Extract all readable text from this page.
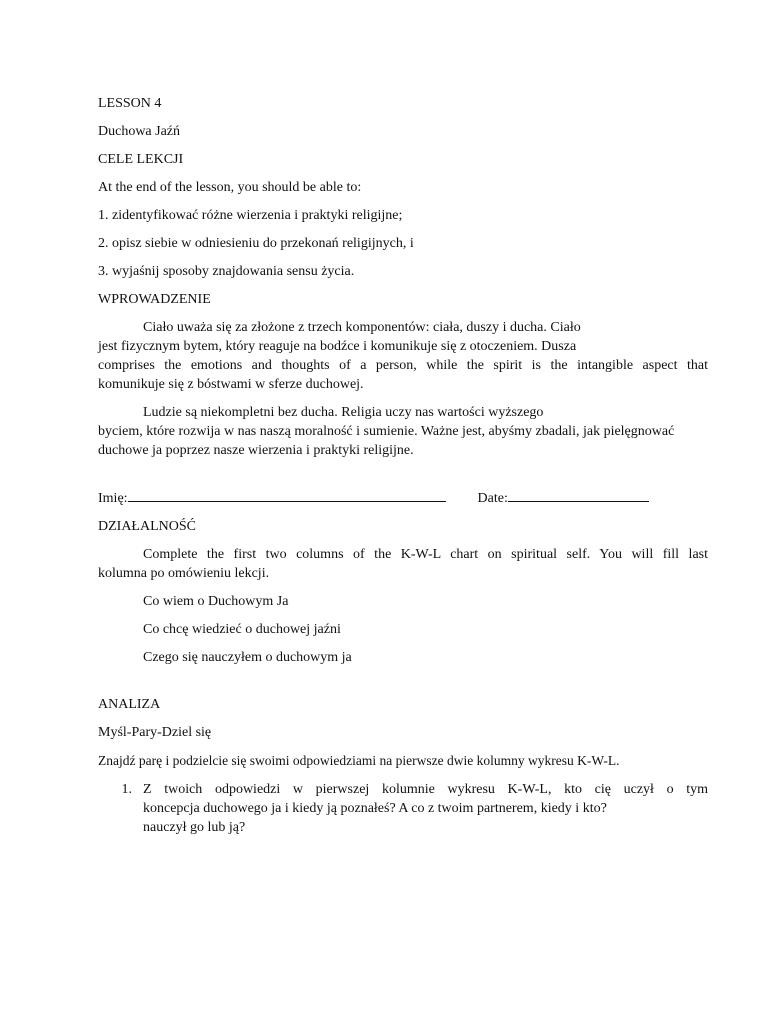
LESSON 4

Duchowa Jaźń

CELE LEKCJI

At the end of the lesson, you should be able to:

1. zidentyfikować różne wierzenia i praktyki religijne;

2. opisz siebie w odniesieniu do przekonań religijnych, i

3. wyjaśnij sposoby znajdowania sensu życia.

WPROWADZENIE

Ciało uważa się za złożone z trzech komponentów: ciała, duszy i ducha. Ciało
jest fizycznym bytem, który reaguje na bodźce i komunikuje się z otoczeniem. Dusza

comprises the emotions and thoughts of a person, while the spirit is the intangible aspect that
komunikuje się z bóstwami w sferze duchowej.

Ludzie są niekompletni bez ducha. Religia uczy nas wartości wyższego
byciem, które rozwija w nas naszą moralność i sumienie. Ważne jest, abyśmy zbadali, jak pielęgnować
duchowe ja poprzez nasze wierzenia i praktyki religijne.

Imię:	Date:

DZIAŁALNOŚĆ

Complete the first two columns of the K-W-L chart on spiritual self. You will fill last
kolumna po omówieniu lekcji.

Co wiem o Duchowym Ja

Co chcę wiedzieć o duchowej jaźni

Czego się nauczyłem o duchowym ja

ANALIZA

Myśl-Pary-Dziel się

Znajdź parę i podzielcie się swoimi odpowiedziami na pierwsze dwie kolumny wykresu K-W-L.

1. Z twoich odpowiedzi w pierwszej kolumnie wykresu K-W-L, kto cię uczył o tym
koncepcja duchowego ja i kiedy ją poznałeś? A co z twoim partnerem, kiedy i kto?
nauczył go lub ją?
